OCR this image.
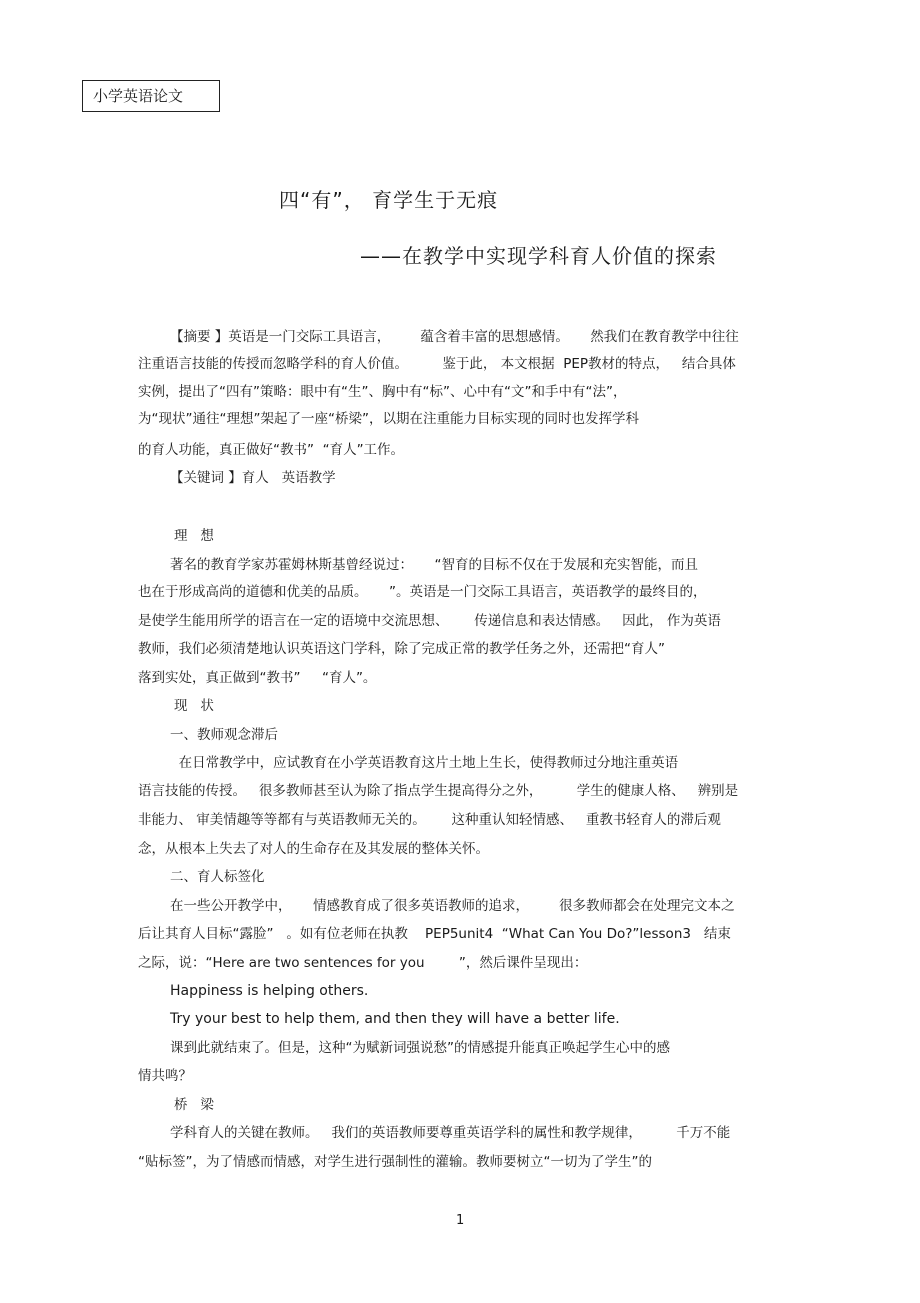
小学英语论文
四“有”， 育学生于无痕
——在教学中实现学科育人价值的探索
【摘要 】英语是一门交际工具语言，       蕴含着丰富的思想感情。     然我们在教育教学中往往
注重语言技能的传授而忽略学科的育人价值。        鉴于此， 本文根据  PEP教材的特点，   结合具体
实例，提出了“四有”策略：眼中有“生”、胸中有“标”、心中有“文”和手中有“法”，
为“现状”通往“理想”架起了一座“桥梁”，以期在注重能力目标实现的同时也发挥学科
的育人功能，真正做好“教书”  “育人”工作。
【关键词 】育人   英语教学
理   想
著名的教育学家苏霍姆林斯基曾经说过：     “智育的目标不仅在于发展和充实智能，而且
也在于形成高尚的道德和优美的品质。     ”。英语是一门交际工具语言，英语教学的最终目的，
是使学生能用所学的语言在一定的语境中交流思想、      传递信息和表达情感。   因此， 作为英语
教师，我们必须清楚地认识英语这门学科，除了完成正常的教学任务之外，还需把“育人”
落到实处，真正做到“教书”     “育人”。
现   状
一、教师观念滞后
在日常教学中，应试教育在小学英语教育这片土地上生长，使得教师过分地注重英语
语言技能的传授。   很多教师甚至认为除了指点学生提高得分之外，        学生的健康人格、   辨别是
非能力、 审美情趣等等都有与英语教师无关的。      这种重认知轻情感、   重教书轻育人的滞后观
念，从根本上失去了对人的生命存在及其发展的整体关怀。
二、育人标签化
在一些公开教学中，     情感教育成了很多英语教师的追求，       很多教师都会在处理完文本之
后让其育人目标“露脸”   。如有位老师在执教    PEP5unit4  “What Can You Do?”lesson3   结束
之际，说：“Here are two sentences for you        ”，然后课件呈现出：
Happiness is helping others.
Try your best to help them, and then they will have a better life.
课到此就结束了。但是，这种“为赋新词强说愁”的情感提升能真正唤起学生心中的感
情共鸣？
桥   梁
学科育人的关键在教师。   我们的英语教师要尊重英语学科的属性和教学规律，        千万不能
“贴标签”，为了情感而情感，对学生进行强制性的灌输。教师要树立“一切为了学生”的
1
